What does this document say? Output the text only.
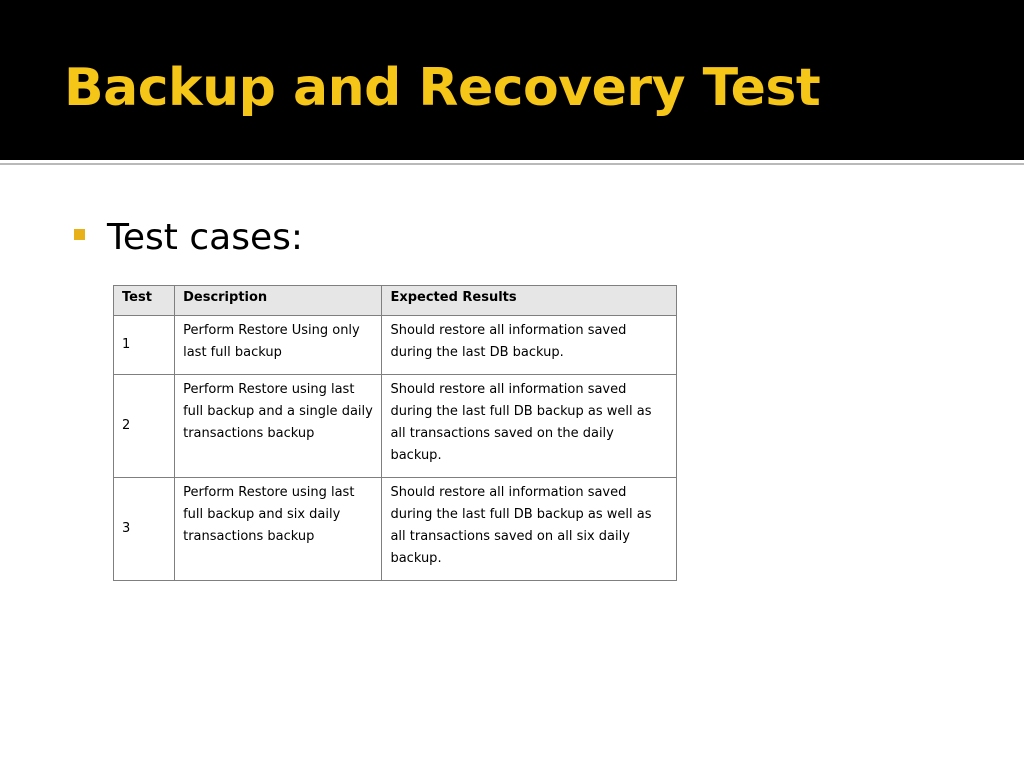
Backup and Recovery Test
Test cases:
Test	Description	Expected Results
1	Perform Restore Using only last full backup	Should restore all information saved during the last DB backup.
2	Perform Restore using last full backup and a single daily transactions backup	Should restore all information saved during the last full DB backup as well as all transactions saved on the daily backup.
3	Perform Restore using last full backup and six daily transactions backup	Should restore all information saved during the last full DB backup as well as all transactions saved on all six daily backup.
